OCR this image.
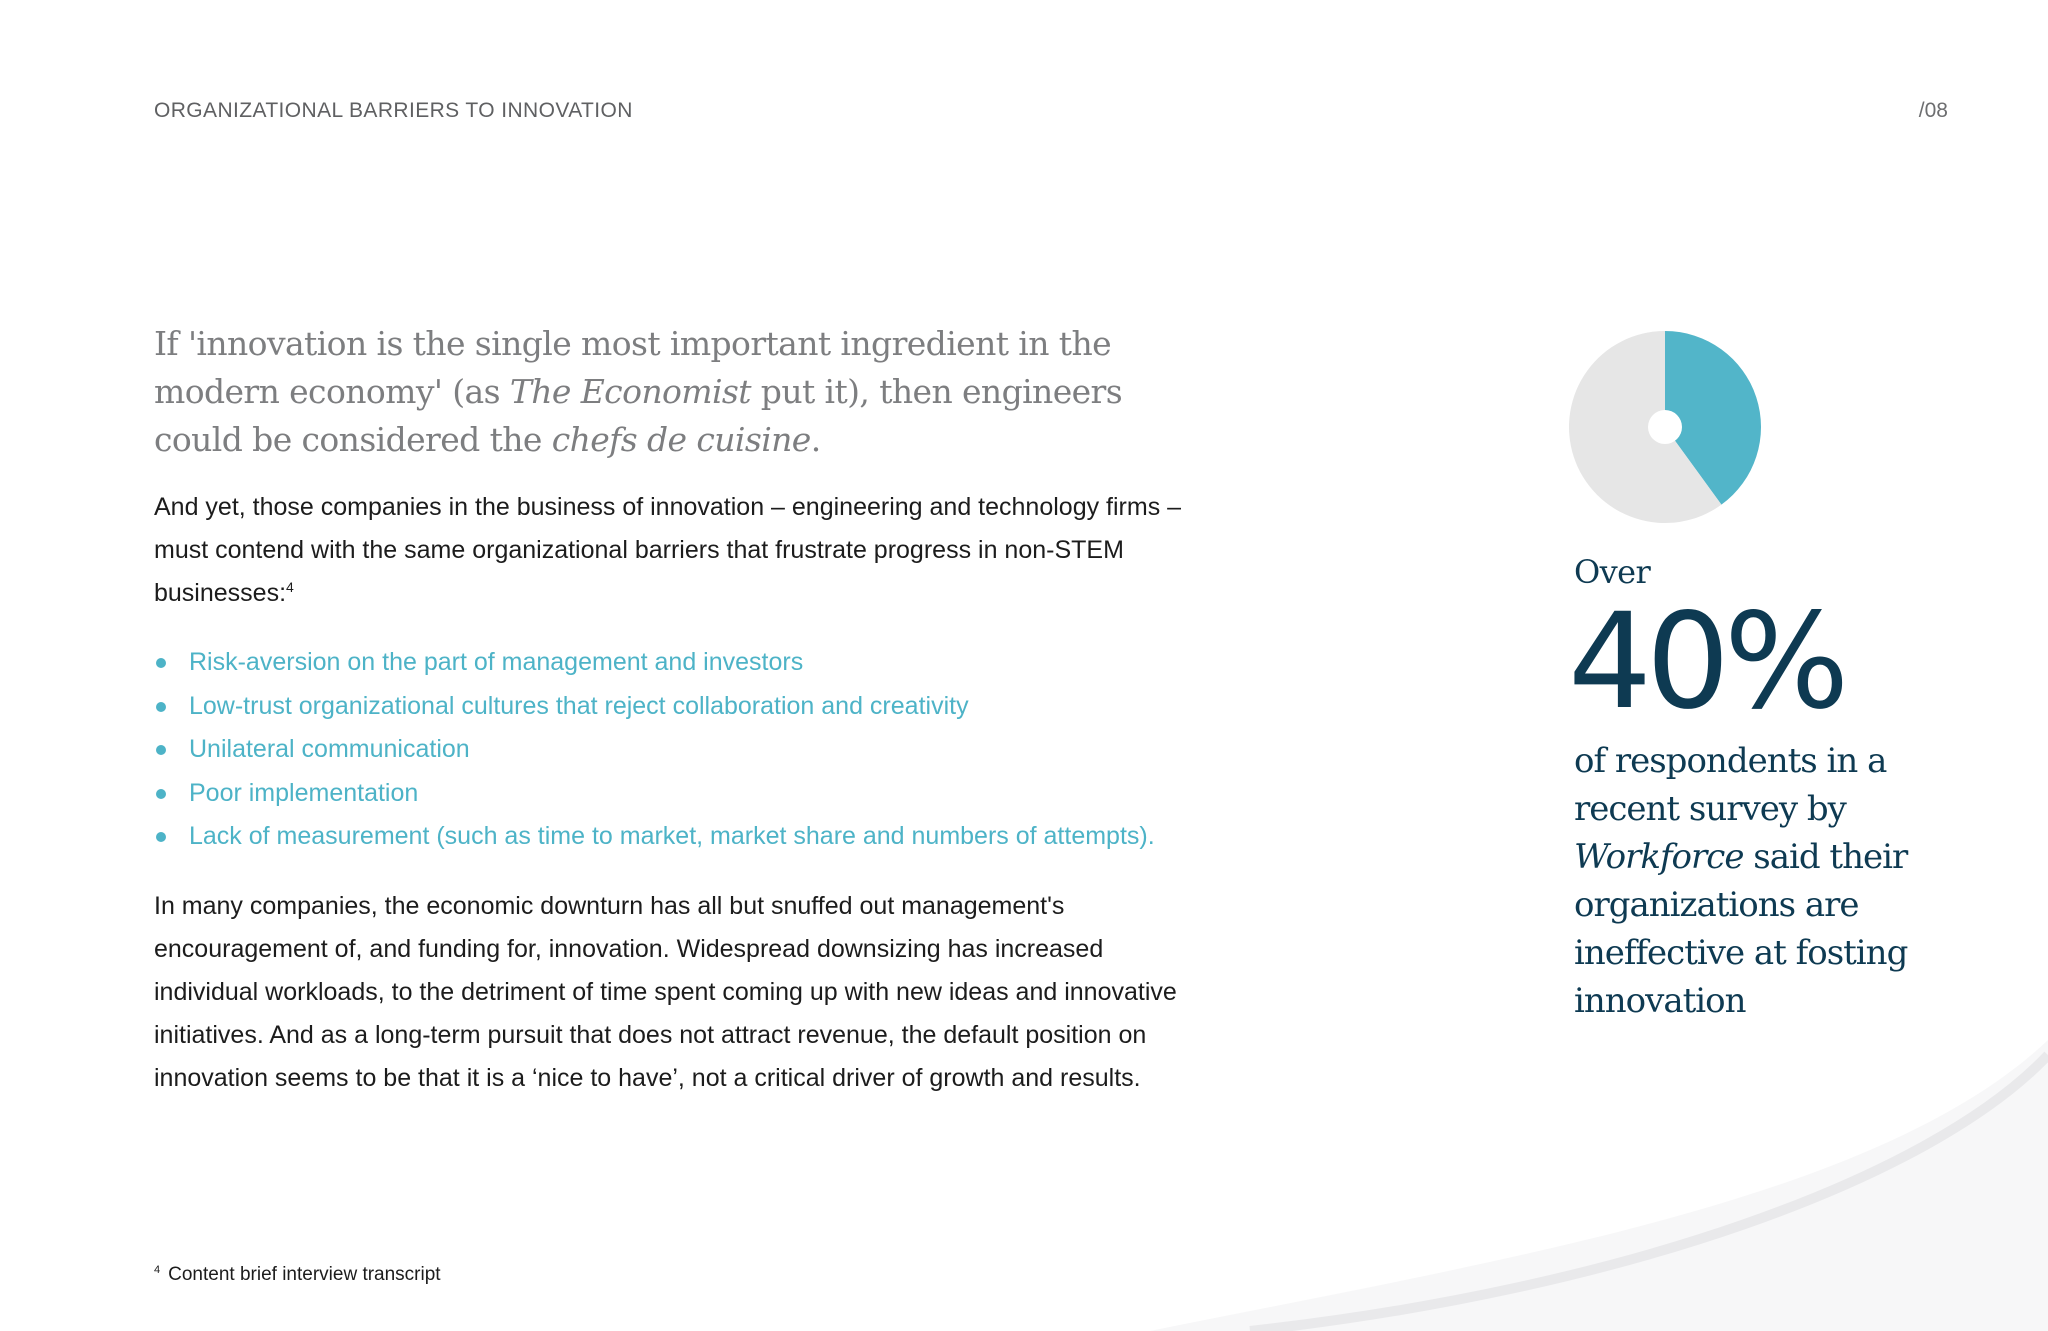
ORGANIZATIONAL BARRIERS TO INNOVATION	/08

If 'innovation is the single most important ingredient in the modern economy' (as The Economist put it), then engineers could be considered the chefs de cuisine.

And yet, those companies in the business of innovation – engineering and technology firms – must contend with the same organizational barriers that frustrate progress in non-STEM businesses:$^4$

Risk-aversion on the part of management and investors
Low-trust organizational cultures that reject collaboration and creativity
Unilateral communication
Poor implementation
Lack of measurement (such as time to market, market share and numbers of attempts).

In many companies, the economic downturn has all but snuffed out management's encouragement of, and funding for, innovation. Widespread downsizing has increased individual workloads, to the detriment of time spent coming up with new ideas and innovative initiatives. And as a long-term pursuit that does not attract revenue, the default position on innovation seems to be that it is a ‘nice to have’, not a critical driver of growth and results.

$^4$ Content brief interview transcript
Over
40%
of respondents in a recent survey by Workforce said their organizations are ineffective at fosting innovation
